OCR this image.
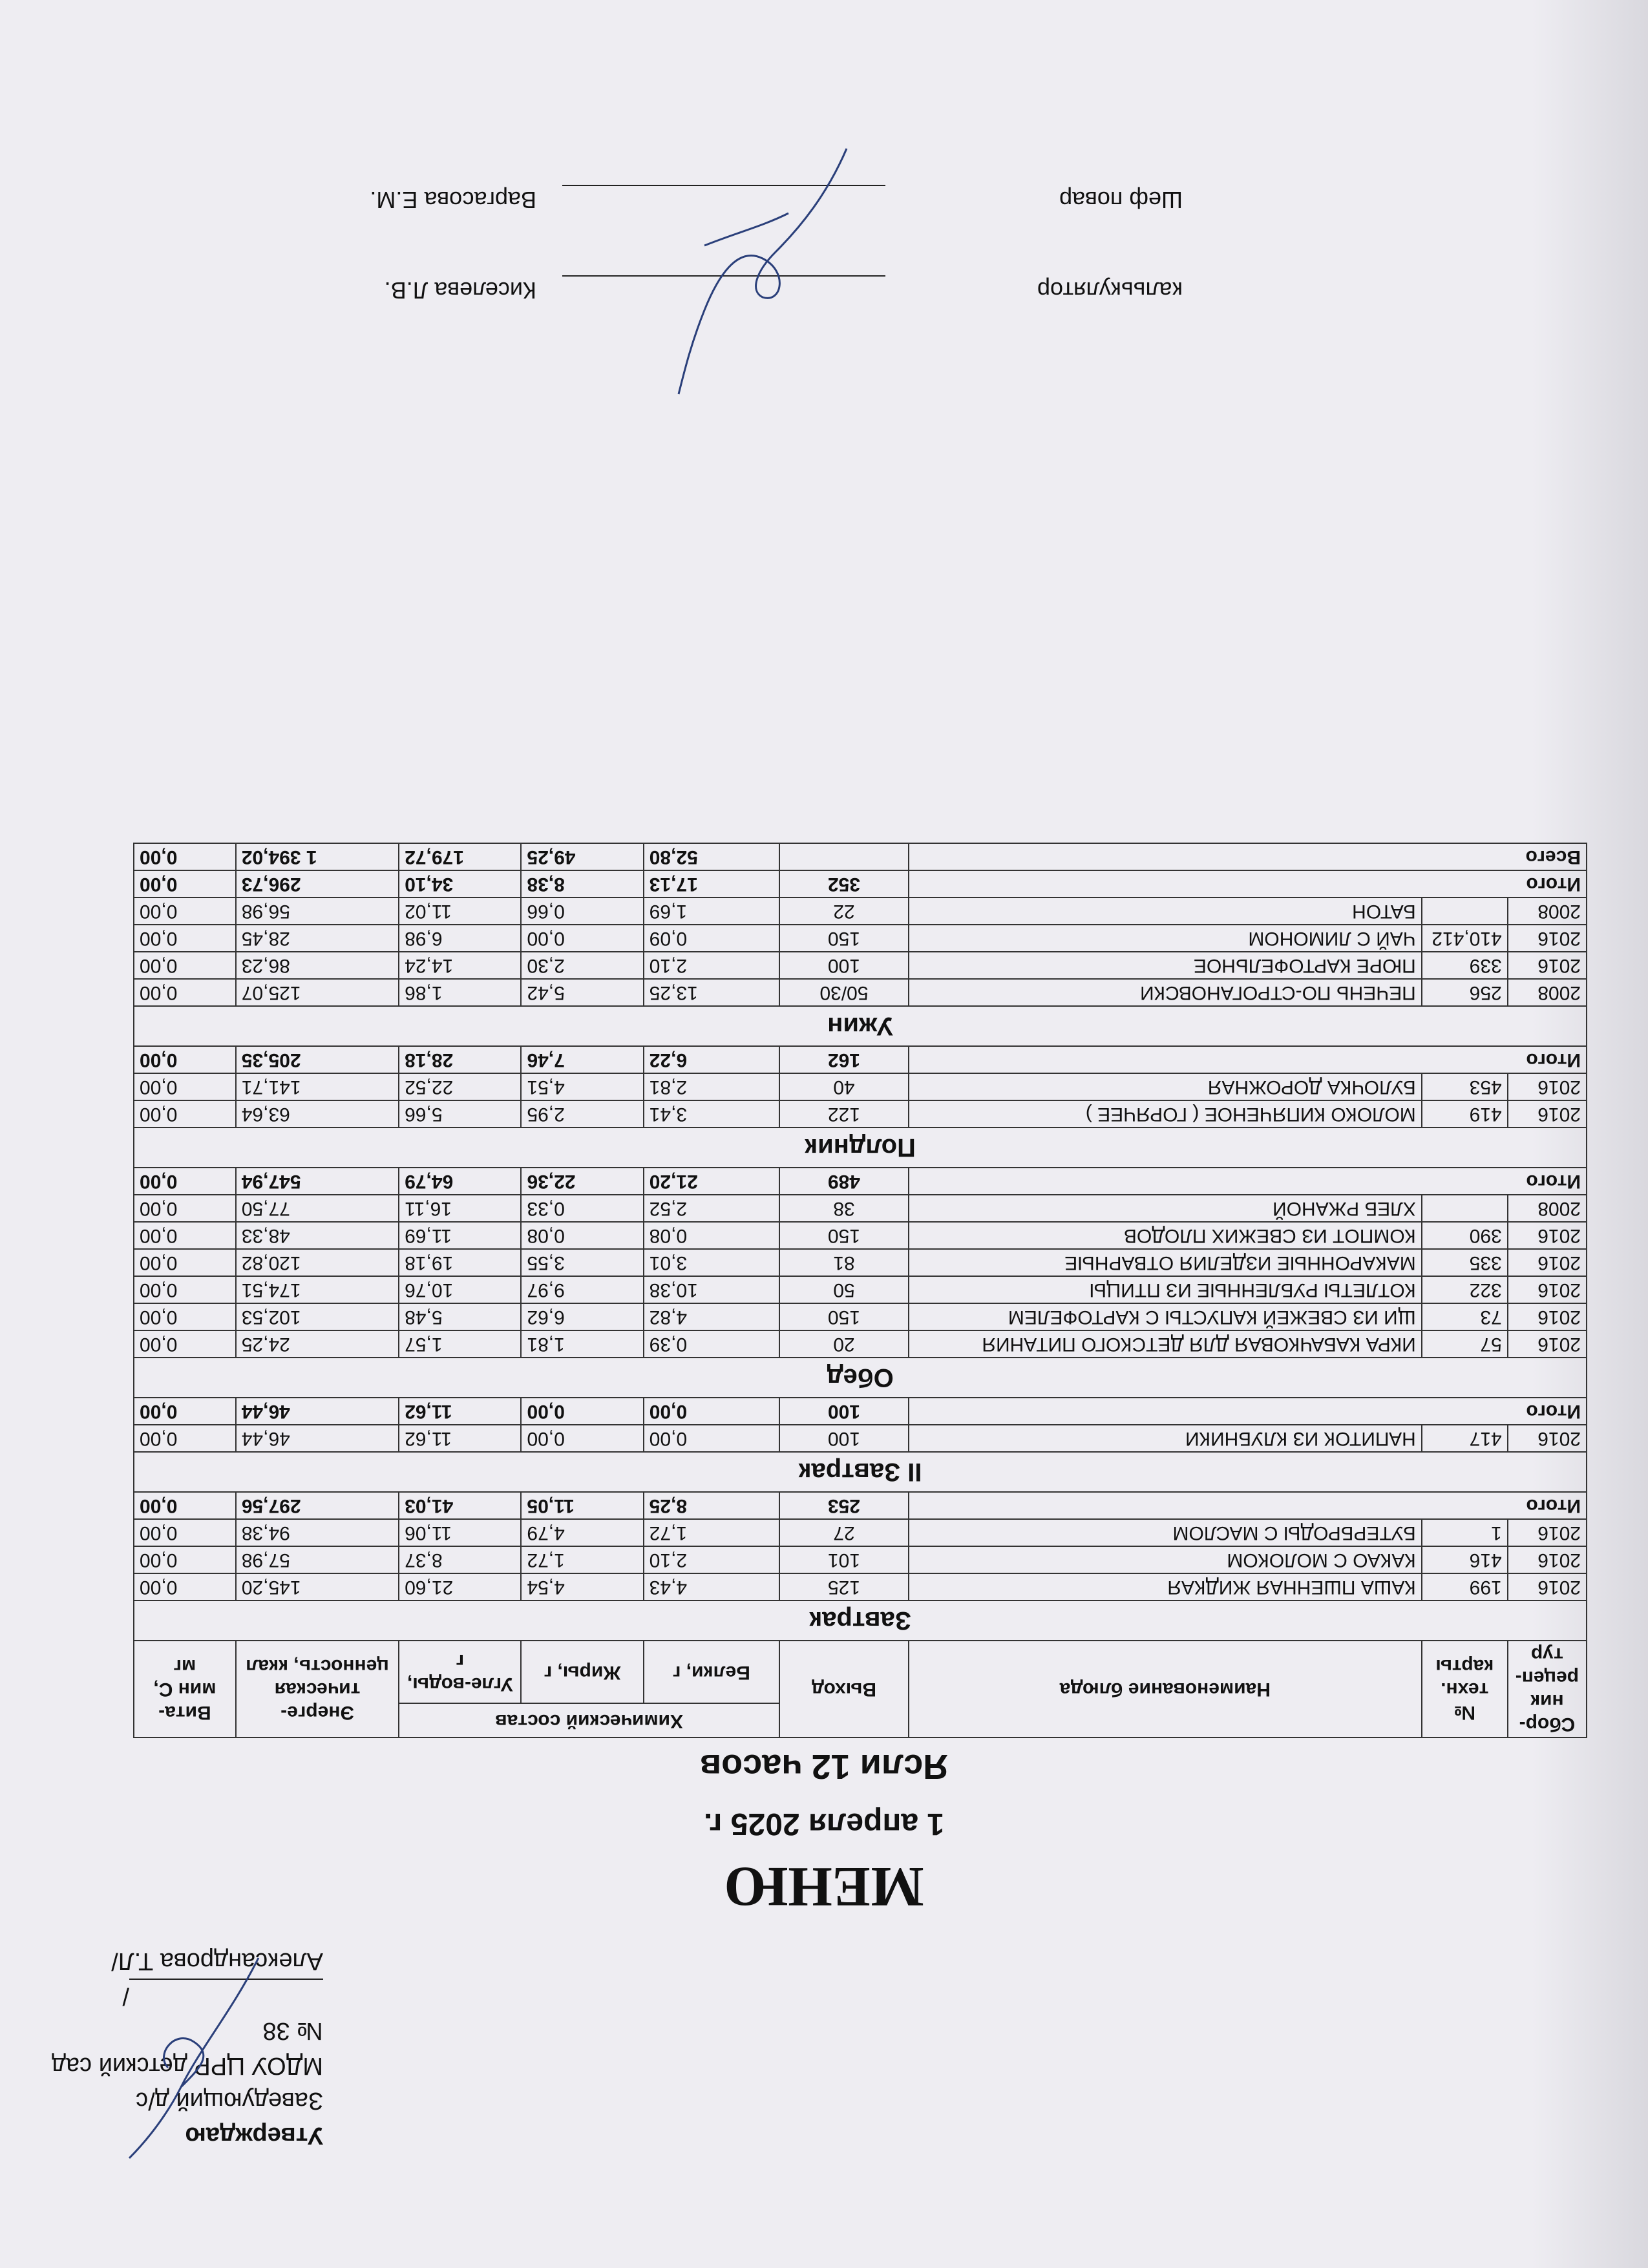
Утверждаю
Заведующий д/с
МДОУ ЦРР детский сад № 38
/Александрова Т.Л/
МЕНЮ
1 апреля 2025 г.
Ясли 12 часов
Сбор-ник рецеп-тур	№ техн. карты	Наименование блюда	Выход	Химический состав			Энерге-тическая ценность, ккал	Вита-мин С, мг
				Белки, г	Жиры, г	Угле-воды, г		
Завтрак								
2016	199	КАША ПШЕННАЯ ЖИДКАЯ	125	4,43	4,54	21,60	145,20	0,00
2016	416	КАКАО С МОЛОКОМ	101	2,10	1,72	8,37	57,98	0,00
2016	1	БУТЕРБРОДЫ С МАСЛОМ	27	1,72	4,79	11,06	94,38	0,00
Итого			253	8,25	11,05	41,03	297,56	0,00
II Завтрак								
2016	417	НАПИТОК ИЗ КЛУБНИКИ	100	0,00	0,00	11,62	46,44	0,00
Итого			100	0,00	0,00	11,62	46,44	0,00
Обед								
2016	57	ИКРА КАБАЧКОВАЯ ДЛЯ ДЕТСКОГО ПИТАНИЯ	20	0,39	1,81	1,57	24,25	0,00
2016	73	ЩИ ИЗ СВЕЖЕЙ КАПУСТЫ С КАРТОФЕЛЕМ	150	4,82	6,62	5,48	102,53	0,00
2016	322	КОТЛЕТЫ РУБЛЕННЫЕ ИЗ ПТИЦЫ	50	10,38	9,97	10,76	174,51	0,00
2016	335	МАКАРОННЫЕ ИЗДЕЛИЯ ОТВАРНЫЕ	81	3,01	3,55	19,18	120,82	0,00
2016	390	КОМПОТ ИЗ СВЕЖИХ ПЛОДОВ	150	0,08	0,08	11,69	48,33	0,00
2008		ХЛЕБ РЖАНОЙ	38	2,52	0,33	16,11	77,50	0,00
Итого			489	21,20	22,36	64,79	547,94	0,00
Полдник								
2016	419	МОЛОКО КИПЯЧЕНОЕ ( ГОРЯЧЕЕ )	122	3,41	2,95	5,66	63,64	0,00
2016	453	БУЛОЧКА ДОРОЖНАЯ	40	2,81	4,51	22,52	141,71	0,00
Итого			162	6,22	7,46	28,18	205,35	0,00
Ужин								
2008	256	ПЕЧЕНЬ ПО-СТРОГАНОВСКИ	50/30	13,25	5,42	1,86	125,07	0,00
2016	339	ПЮРЕ КАРТОФЕЛЬНОЕ	100	2,10	2,30	14,24	86,23	0,00
2016	410,412	ЧАЙ С ЛИМОНОМ	150	0,09	0,00	6,98	28,45	0,00
2008		БАТОН	22	1,69	0,66	11,02	56,98	0,00
Итого			352	17,13	8,38	34,10	296,73	0,00
Всего				52,80	49,25	179,72	1 394,02	0,00
кальькулятор
Киселева Л.В.
Шеф повар
Варгасова Е.М.
